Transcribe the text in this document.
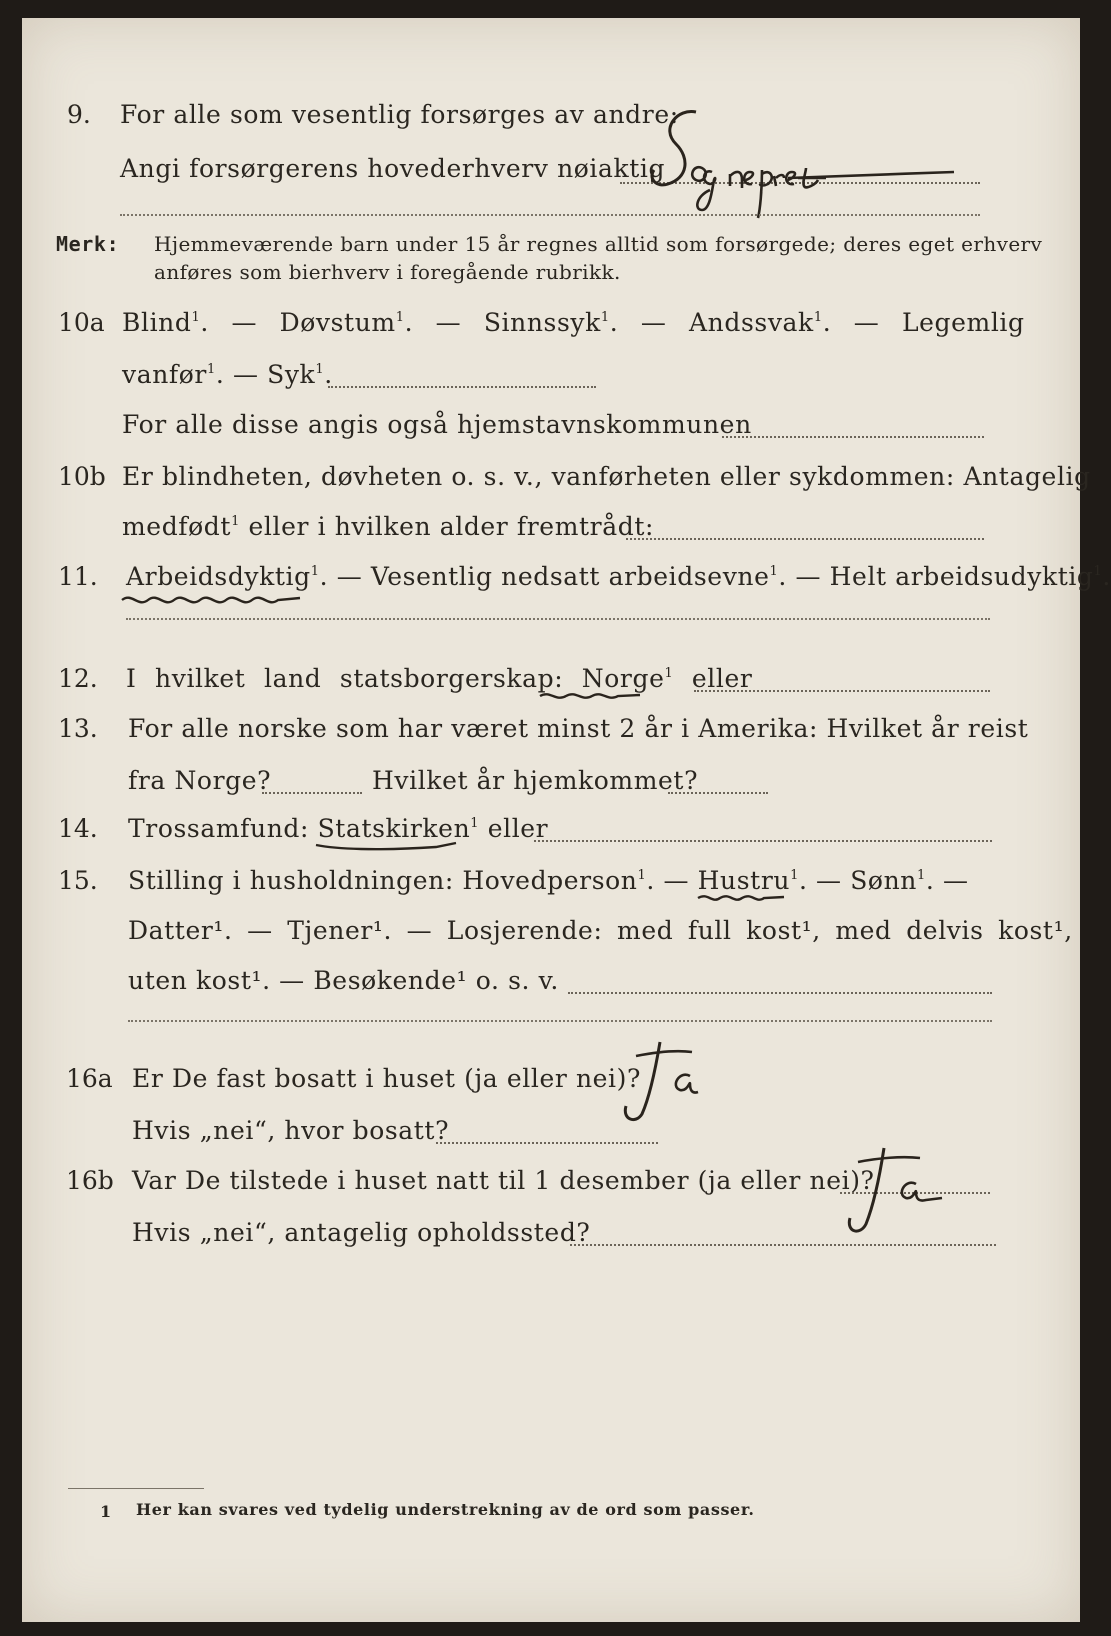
9. For alle som vesentlig forsørges av andre:
Angi forsørgerens hovederhverv nøiaktig
Merk: Hjemmeværende barn under 15 år regnes alltid som forsørgede; deres eget erhverv
anføres som bierhverv i foregående rubrikk.
10a Blind$^1$. — Døvstum$^1$. — Sinnssyk$^1$. — Andssvak$^1$. — Legemlig
vanfør$^1$. — Syk$^1$.
For alle disse angis også hjemstavnskommunen
10b Er blindheten, døvheten o. s. v., vanførheten eller sykdommen: Antagelig
medfødt$^1$ eller i hvilken alder fremtrådt:
11. Arbeidsdyktig$^1$. — Vesentlig nedsatt arbeidsevne$^1$. — Helt arbeidsudyktig$^1$.
12. I hvilket land statsborgerskap: Norge$^1$ eller
13. For alle norske som har været minst 2 år i Amerika: Hvilket år reist
fra Norge?	Hvilket år hjemkommet?
14. Trossamfund: Statskirken$^1$ eller
15. Stilling i husholdningen: Hovedperson$^1$. — Hustru$^1$. — Sønn$^1$. —
Datter¹. — Tjener¹. — Losjerende: med full kost¹, med delvis kost¹,
uten kost¹. — Besøkende¹ o. s. v.
16a Er De fast bosatt i huset (ja eller nei)?
Hvis „nei“, hvor bosatt?
16b Var De tilstede i huset natt til 1 desember (ja eller nei)?
Hvis „nei“, antagelig opholdssted?
1 Her kan svares ved tydelig understrekning av de ord som passer.
